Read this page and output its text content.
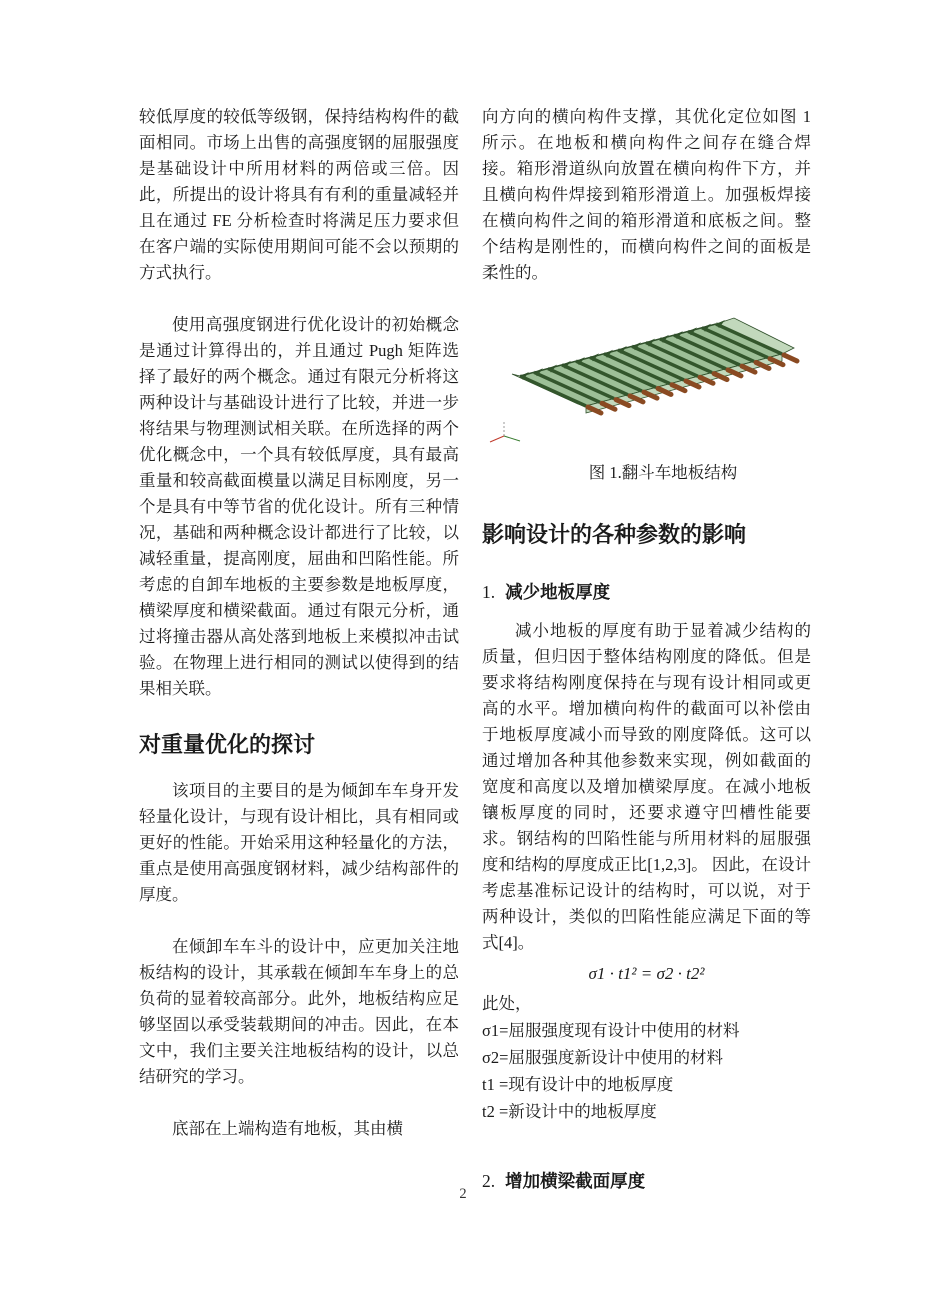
较低厚度的较低等级钢，保持结构构件的截面相同。市场上出售的高强度钢的屈服强度是基础设计中所用材料的两倍或三倍。因此，所提出的设计将具有有利的重量减轻并且在通过 FE 分析检查时将满足压力要求但在客户端的实际使用期间可能不会以预期的方式执行。

使用高强度钢进行优化设计的初始概念是通过计算得出的，并且通过 Pugh 矩阵选择了最好的两个概念。通过有限元分析将这两种设计与基础设计进行了比较，并进一步将结果与物理测试相关联。在所选择的两个优化概念中，一个具有较低厚度，具有最高重量和较高截面模量以满足目标刚度，另一个是具有中等节省的优化设计。所有三种情况，基础和两种概念设计都进行了比较，以减轻重量，提高刚度，屈曲和凹陷性能。所考虑的自卸车地板的主要参数是地板厚度，横梁厚度和横梁截面。通过有限元分析，通过将撞击器从高处落到地板上来模拟冲击试验。在物理上进行相同的测试以使得到的结果相关联。

对重量优化的探讨

该项目的主要目的是为倾卸车车身开发轻量化设计，与现有设计相比，具有相同或更好的性能。开始采用这种轻量化的方法，重点是使用高强度钢材料，减少结构部件的厚度。

在倾卸车车斗的设计中，应更加关注地板结构的设计，其承载在倾卸车车身上的总负荷的显着较高部分。此外，地板结构应足够坚固以承受装载期间的冲击。因此，在本文中，我们主要关注地板结构的设计，以总结研究的学习。

底部在上端构造有地板，其由横

向方向的横向构件支撑，其优化定位如图 1 所示。在地板和横向构件之间存在缝合焊接。箱形滑道纵向放置在横向构件下方，并且横向构件焊接到箱形滑道上。加强板焊接在横向构件之间的箱形滑道和底板之间。整个结构是刚性的，而横向构件之间的面板是柔性的。

图 1.翻斗车地板结构

影响设计的各种参数的影响
1. 减少地板厚度

减小地板的厚度有助于显着减少结构的质量，但归因于整体结构刚度的降低。但是要求将结构刚度保持在与现有设计相同或更高的水平。增加横向构件的截面可以补偿由于地板厚度减小而导致的刚度降低。这可以通过增加各种其他参数来实现，例如截面的宽度和高度以及增加横梁厚度。在减小地板镶板厚度的同时，还要求遵守凹槽性能要求。钢结构的凹陷性能与所用材料的屈服强度和结构的厚度成正比[1,2,3]。 因此，在设计考虑基准标记设计的结构时，可以说，对于两种设计，类似的凹陷性能应满足下面的等式[4]。

σ1 · t1² = σ2 · t2²
此处，
σ1=屈服强度现有设计中使用的材料
σ2=屈服强度新设计中使用的材料
t1 =现有设计中的地板厚度
t2 =新设计中的地板厚度
2. 增加横梁截面厚度
2
